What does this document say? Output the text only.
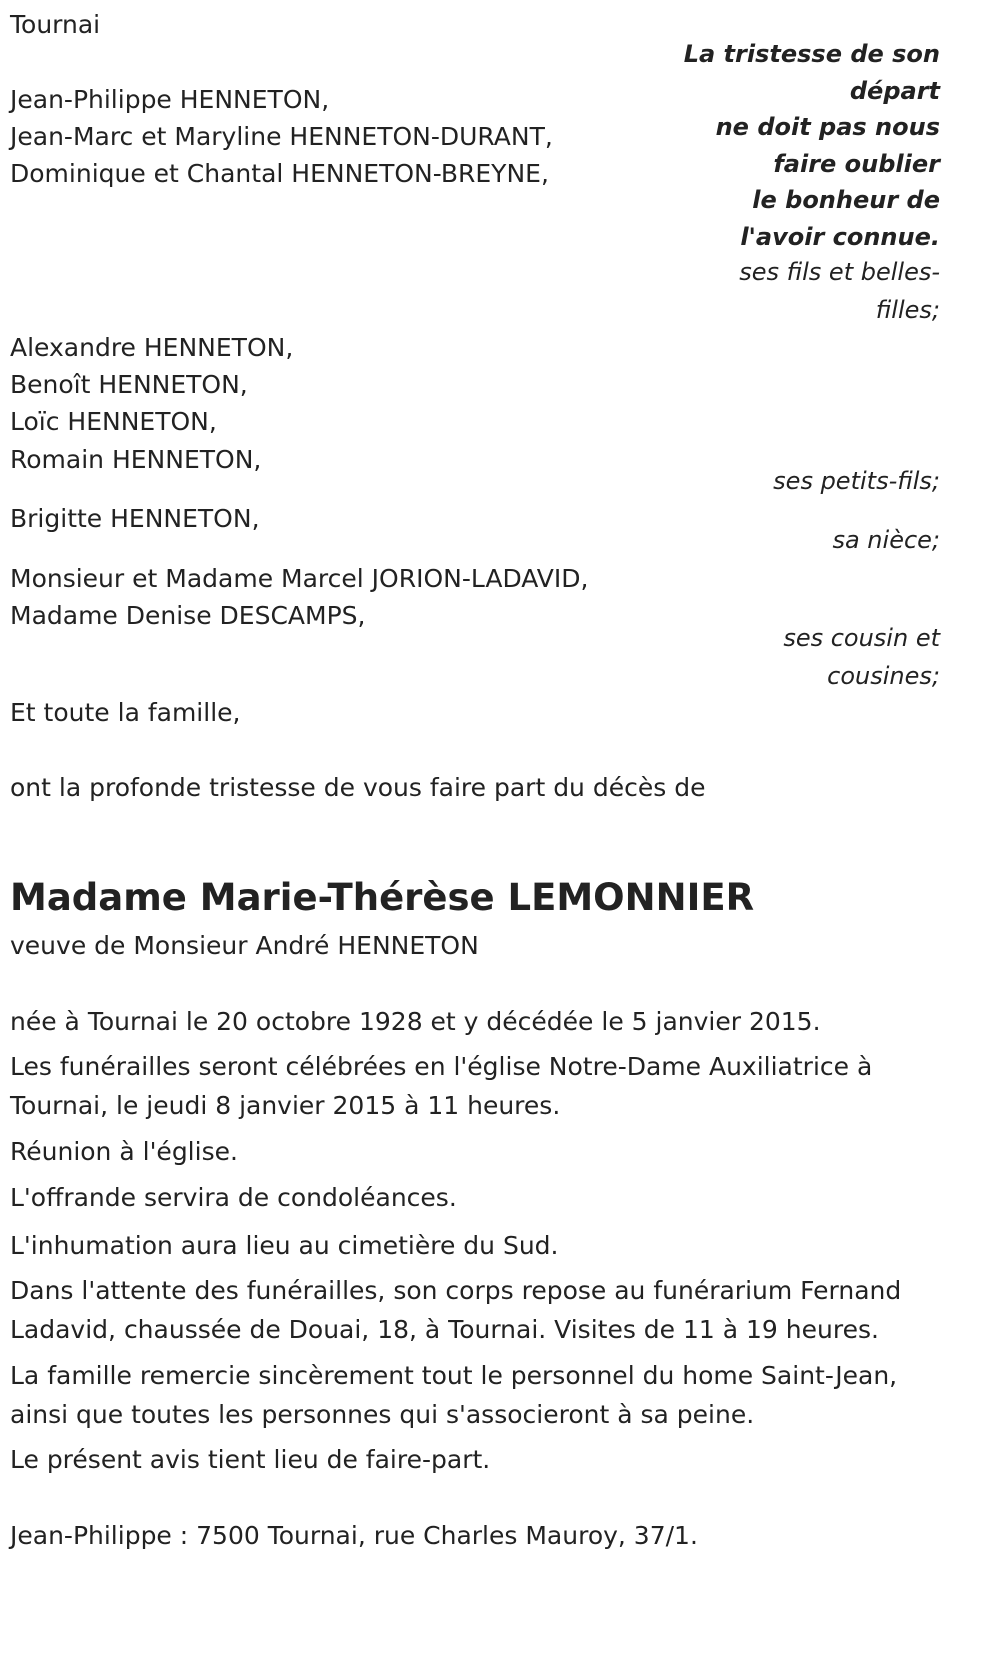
Tournai
La tristesse de son
départ
ne doit pas nous
faire oublier
le bonheur de
l'avoir connue.
Jean-Philippe HENNETON,
Jean-Marc et Maryline HENNETON-DURANT,
Dominique et Chantal HENNETON-BREYNE,
ses fils et belles-
filles;
Alexandre HENNETON,
Benoît HENNETON,
Loïc HENNETON,
Romain HENNETON,
ses petits-fils;
Brigitte HENNETON,
sa nièce;
Monsieur et Madame Marcel JORION-LADAVID,
Madame Denise DESCAMPS,
ses cousin et
cousines;
Et toute la famille,
ont la profonde tristesse de vous faire part du décès de
Madame Marie-Thérèse LEMONNIER
veuve de Monsieur André HENNETON
née à Tournai le 20 octobre 1928 et y décédée le 5 janvier 2015.
Les funérailles seront célébrées en l'église Notre-Dame Auxiliatrice à
Tournai, le jeudi 8 janvier 2015 à 11 heures.
Réunion à l'église.
L'offrande servira de condoléances.
L'inhumation aura lieu au cimetière du Sud.
Dans l'attente des funérailles, son corps repose au funérarium Fernand
Ladavid, chaussée de Douai, 18, à Tournai. Visites de 11 à 19 heures.
La famille remercie sincèrement tout le personnel du home Saint-Jean,
ainsi que toutes les personnes qui s'associeront à sa peine.
Le présent avis tient lieu de faire-part.
Jean-Philippe : 7500 Tournai, rue Charles Mauroy, 37/1.
